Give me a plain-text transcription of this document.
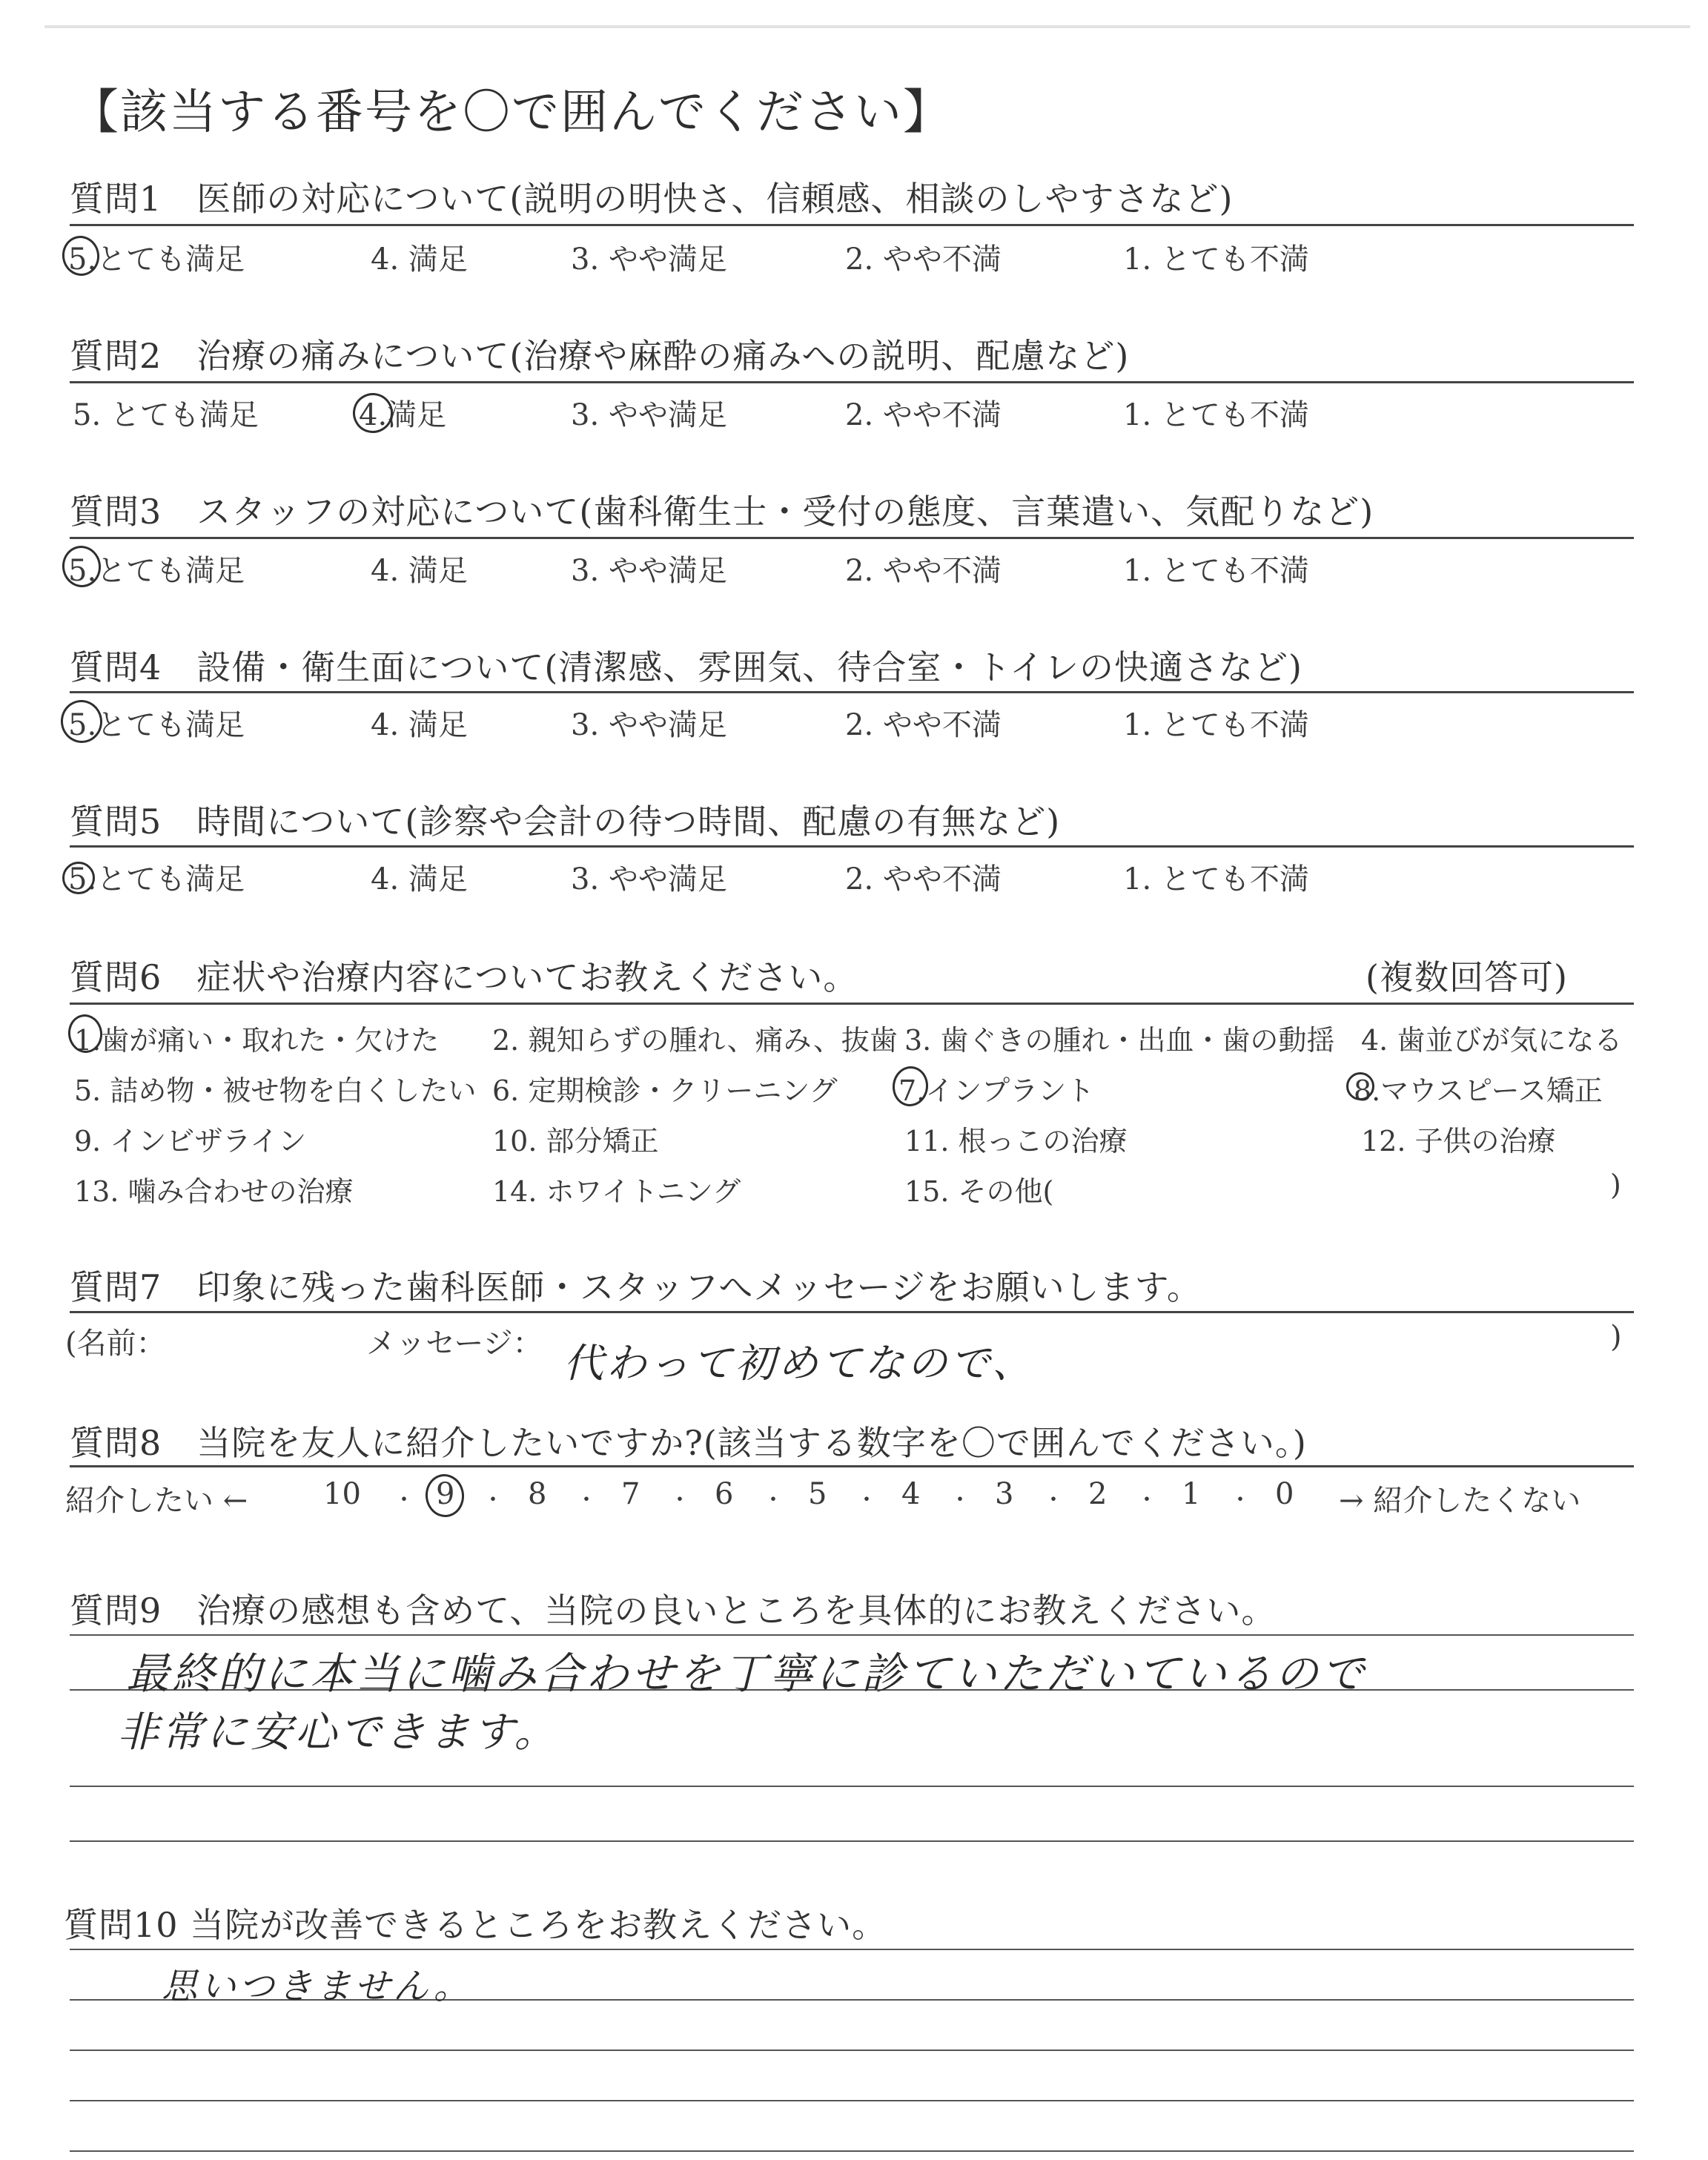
【該当する番号を〇で囲んでください】
質問1　医師の対応について(説明の明快さ、信頼感、相談のしやすさなど)
5.とても満足	4. 満足	3. やや満足	2. やや不満	1. とても不満
質問2　治療の痛みについて(治療や麻酔の痛みへの説明、配慮など)
5. とても満足	4.満足	3. やや満足	2. やや不満	1. とても不満
質問3　スタッフの対応について(歯科衛生士・受付の態度、言葉遣い、気配りなど)
5.とても満足	4. 満足	3. やや満足	2. やや不満	1. とても不満
質問4　設備・衛生面について(清潔感、雰囲気、待合室・トイレの快適さなど)
5.とても満足	4. 満足	3. やや満足	2. やや不満	1. とても不満
質問5　時間について(診察や会計の待つ時間、配慮の有無など)
5.とても満足	4. 満足	3. やや満足	2. やや不満	1. とても不満
質問6　症状や治療内容についてお教えください。	(複数回答可)
1.歯が痛い・取れた・欠けた 2. 親知らずの腫れ、痛み、抜歯 3. 歯ぐきの腫れ・出血・歯の動揺 4. 歯並びが気になる
5. 詰め物・被せ物を白くしたい 6. 定期検診・クリーニング 7.インプラント	8.マウスピース矯正
9. インビザライン	10. 部分矯正	11. 根っこの治療	12. 子供の治療
13. 噛み合わせの治療	14. ホワイトニング	15. その他(	)
質問7　印象に残った歯科医師・スタッフへメッセージをお願いします。
(名前：	メッセージ： 代わって初めてなので、
)
質問8　当院を友人に紹介したいですか?(該当する数字を〇で囲んでください。)
紹介したい ←	10 ・ 9 ・ 8 ・ 7 ・ 6 ・ 5 ・ 4 ・ 3 ・ 2 ・ 1 ・ 0 → 紹介したくない
質問9　治療の感想も含めて、当院の良いところを具体的にお教えください。
最終的に本当に噛み合わせを丁寧に診ていただいているので
非常に安心できます。
質問10 当院が改善できるところをお教えください。
思いつきません。
